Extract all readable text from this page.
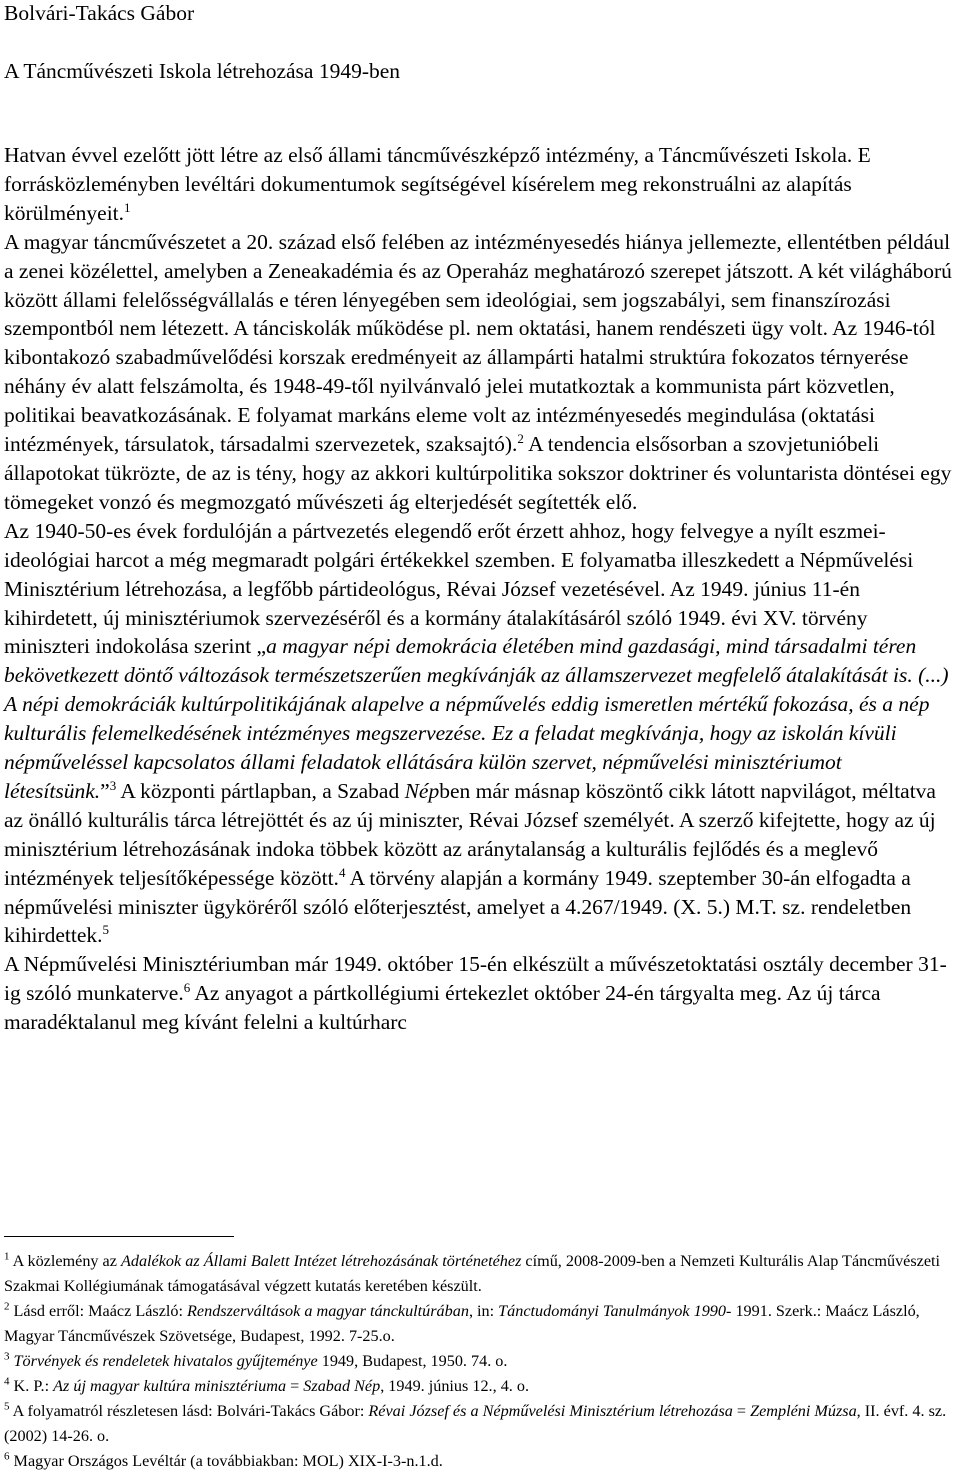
Bolvári-Takács Gábor
A Táncművészeti Iskola létrehozása 1949-ben

Hatvan évvel ezelőtt jött létre az első állami táncművészképző intézmény, a Táncművészeti Iskola. E forrásközleményben levéltári dokumentumok segítségével kísérelem meg rekonstruálni az alapítás körülményeit.$^1$

A magyar táncművészetet a 20. század első felében az intézményesedés hiánya jellemezte, ellentétben például a zenei közélettel, amelyben a Zeneakadémia és az Operaház meghatározó szerepet játszott. A két világháború között állami felelősségvállalás e téren lényegében sem ideológiai, sem jogszabályi, sem finanszírozási szempontból nem létezett. A tánciskolák működése pl. nem oktatási, hanem rendészeti ügy volt. Az 1946-tól kibontakozó szabadművelődési korszak eredményeit az állampárti hatalmi struktúra fokozatos térnyerése néhány év alatt felszámolta, és 1948-49-től nyilvánvaló jelei mutatkoztak a kommunista párt közvetlen, politikai beavatkozásának. E folyamat markáns eleme volt az intézményesedés megindulása (oktatási intézmények, társulatok, társadalmi szervezetek, szaksajtó).$^2$ A tendencia elsősorban a szovjetunióbeli állapotokat tükrözte, de az is tény, hogy az akkori kultúrpolitika sokszor doktriner és voluntarista döntései egy tömegeket vonzó és megmozgató művészeti ág elterjedését segítették elő.

Az 1940-50-es évek fordulóján a pártvezetés elegendő erőt érzett ahhoz, hogy felvegye a nyílt eszmei-ideológiai harcot a még megmaradt polgári értékekkel szemben. E folyamatba illeszkedett a Népművelési Minisztérium létrehozása, a legfőbb pártideológus, Révai József vezetésével. Az 1949. június 11-én kihirdetett, új minisztériumok szervezéséről és a kormány átalakításáról szóló 1949. évi XV. törvény miniszteri indokolása szerint „a magyar népi demokrácia életében mind gazdasági, mind társadalmi téren bekövetkezett döntő változások természetszerűen megkívánják az államszervezet megfelelő átalakítását is. (...) A népi demokráciák kultúrpolitikájának alapelve a népművelés eddig ismeretlen mértékű fokozása, és a nép kulturális felemelkedésének intézményes megszervezése. Ez a feladat megkívánja, hogy az iskolán kívüli népműveléssel kapcsolatos állami feladatok ellátására külön szervet, népművelési minisztériumot létesítsünk.”$^3$ A központi pártlapban, a Szabad Népben már másnap köszöntő cikk látott napvilágot, méltatva az önálló kulturális tárca létrejöttét és az új miniszter, Révai József személyét. A szerző kifejtette, hogy az új minisztérium létrehozásának indoka többek között az aránytalanság a kulturális fejlődés és a meglevő intézmények teljesítőképessége között.$^4$ A törvény alapján a kormány 1949. szeptember 30-án elfogadta a népművelési miniszter ügyköréről szóló előterjesztést, amelyet a 4.267/1949. (X. 5.) M.T. sz. rendeletben kihirdettek.$^5$

A Népművelési Minisztériumban már 1949. október 15-én elkészült a művészetoktatási osztály december 31-ig szóló munkaterve.$^6$ Az anyagot a pártkollégiumi értekezlet október 24-én tárgyalta meg. Az új tárca maradéktalanul meg kívánt felelni a kultúrharc

$^1$ A közlemény az Adalékok az Állami Balett Intézet létrehozásának történetéhez című, 2008-2009-ben a Nemzeti Kulturális Alap Táncművészeti Szakmai Kollégiumának támogatásával végzett kutatás keretében készült.

$^2$ Lásd erről: Maácz László: Rendszerváltások a magyar tánckultúrában, in: Tánctudományi Tanulmányok 1990- 1991. Szerk.: Maácz László, Magyar Táncművészek Szövetsége, Budapest, 1992. 7-25.o.

$^3$ Törvények és rendeletek hivatalos gyűjteménye 1949, Budapest, 1950. 74. o.

$^4$ K. P.: Az új magyar kultúra minisztériuma = Szabad Nép, 1949. június 12., 4. o.

$^5$ A folyamatról részletesen lásd: Bolvári-Takács Gábor: Révai József és a Népművelési Minisztérium létrehozása = Zempléni Múzsa, II. évf. 4. sz. (2002) 14-26. o.

$^6$ Magyar Országos Levéltár (a továbbiakban: MOL) XIX-I-3-n.1.d.
